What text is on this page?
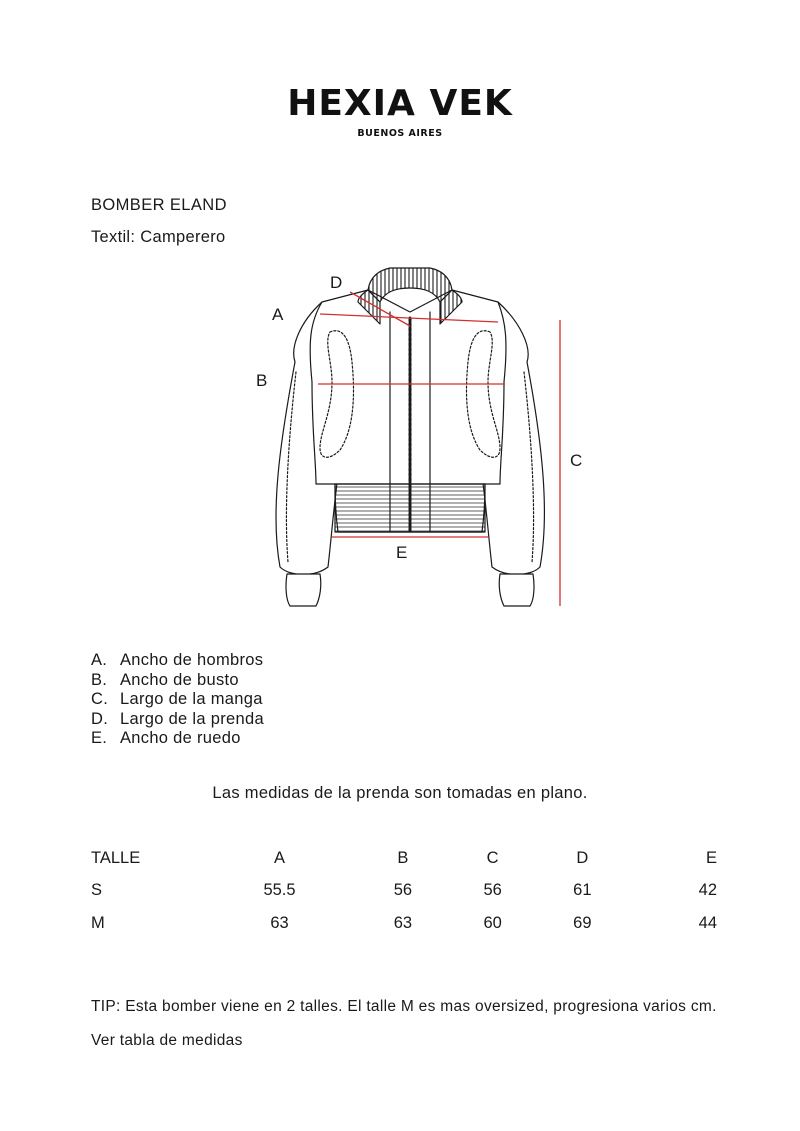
HEXIA VEK
BUENOS AIRES
BOMBER ELAND
Textil: Camperero
A
B
C
D
E
A. Ancho de hombros
B. Ancho de busto
C. Largo de la manga
D. Largo de la prenda
E. Ancho de ruedo
Las medidas de la prenda son tomadas en plano.
TALLE	A	B	C	D	E
S	55.5	56	56	61	42
M	63	63	60	69	44
TIP: Esta bomber viene en 2 talles. El talle M es mas oversized, progresiona varios cm. Ver tabla de medidas
